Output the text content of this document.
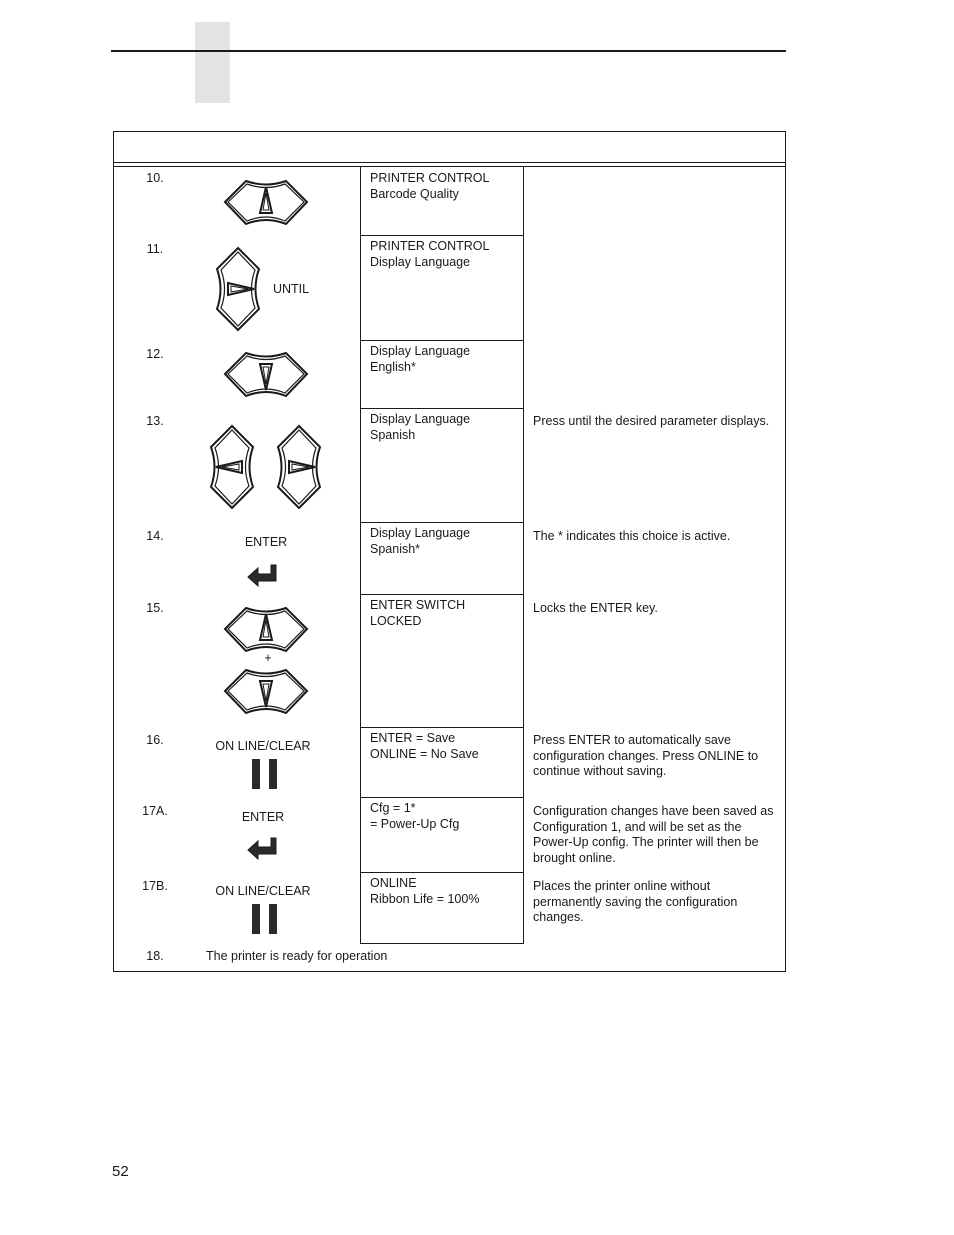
PRINTER CONTROL
Barcode Quality
PRINTER CONTROL
Display Language
Display Language
English*
Display Language
Spanish
Display Language
Spanish*
ENTER SWITCH
LOCKED
ENTER = Save
ONLINE = No Save
Cfg = 1*
= Power-Up Cfg
ONLINE
Ribbon Life = 100%
10.
11.
12.
13.
14.
15.
16.
17A.
17B.
18.	The printer is ready for operation
Press until the desired parameter displays.
The * indicates this choice is active.
Locks the ENTER key.
Press ENTER to automatically save configuration changes. Press ONLINE to continue without saving.
Configuration changes have been saved as Configuration 1, and will be set as the Power-Up config. The printer will then be brought online.
Places the printer online without permanently saving the configuration changes.
UNTIL
ENTER
+
ON LINE/CLEAR
ENTER
ON LINE/CLEAR
52
